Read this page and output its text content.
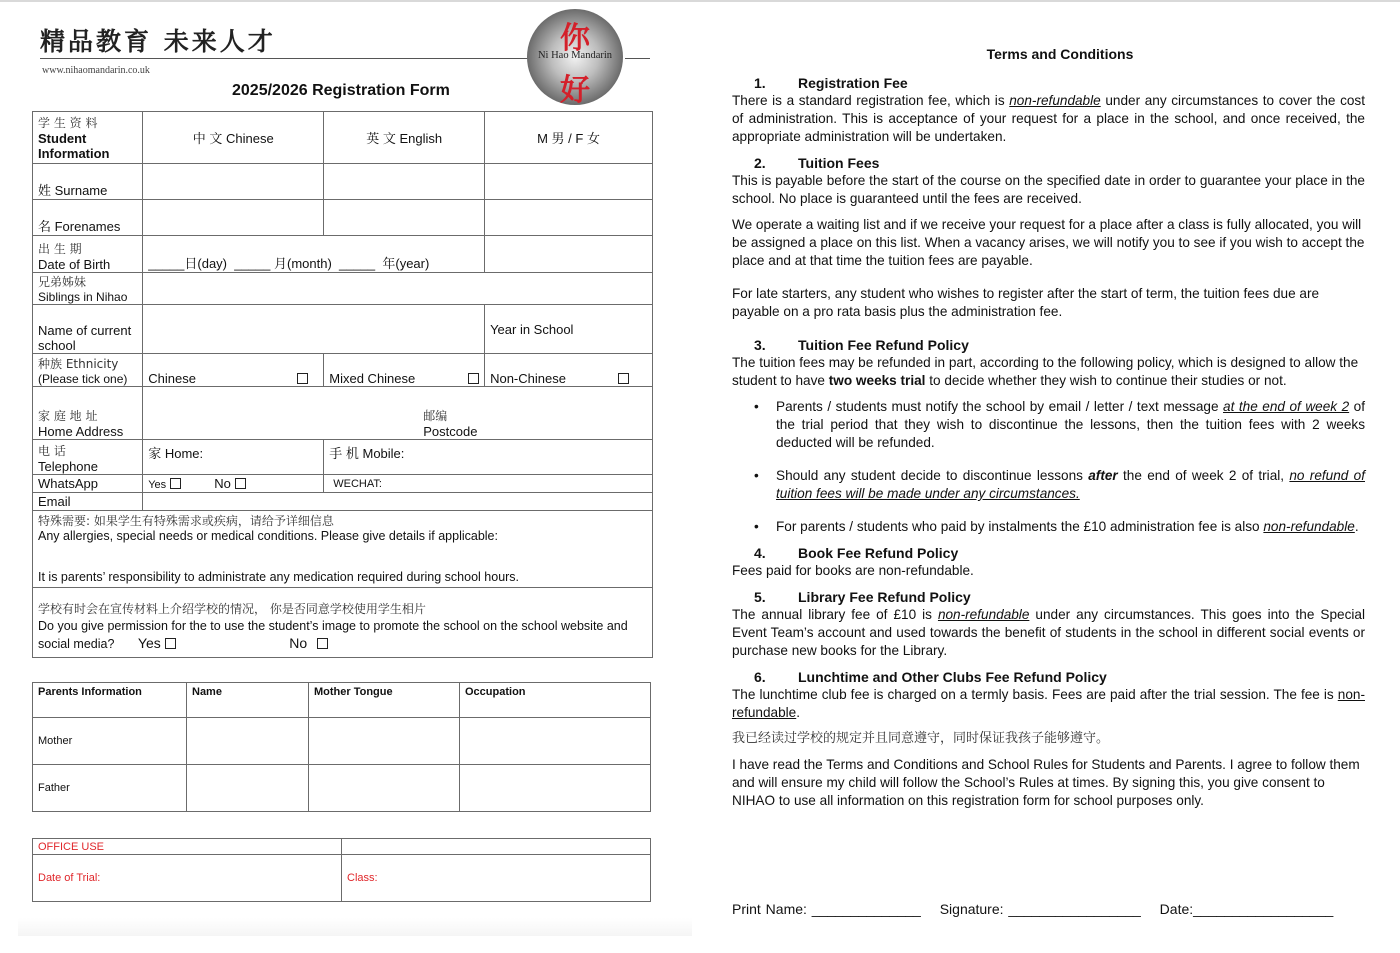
精品教育 未来人才
www.nihaomandarin.co.uk
2025/2026 Registration Form
你
Ni Hao Mandarin
好
学 生 资 料
Student
Information	中 文 Chinese	英 文 English	M 男 / F 女
姓 Surname			
名 Forenames			

出 生 期
Date of Birth	_____日(day)  _____ 月(month)  _____  年(year)		

兄弟姊妹
Siblings in Nihao			

Name of current
school			Year in School

种族 Ethnicity
(Please tick one)	Chinese	Mixed Chinese	Non-Chinese

家 庭 地 址
Home Address

邮编
Postcode

电 话
Telephone	家 Home:	手 机 Mobile:	
WhatsApp	Yes No	WECHAT:	
Email			

特殊需要: 如果学生有特殊需求或疾病，请给予详细信息
Any allergies, special needs or medical conditions. Please give details if applicable:
It is parents’ responsibility to administrate any medication required during school hours.			

学校有时会在宣传材料上介绍学校的情况， 你是否同意学校使用学生相片
Do you give permission for the to use the student’s image to promote the school on the school website and
social media? Yes No			
Parents Information	Name	Mother Tongue	Occupation
Mother			
Father			
OFFICE USE	
Date of Trial:	Class:
Terms and Conditions
1. Registration Fee

There is a standard registration fee, which is non-refundable under any circumstances to cover the cost of administration. This is acceptance of your request for a place in the school, and once received, the appropriate administration will be undertaken.

2. Tuition Fees

This is payable before the start of the course on the specified date in order to guarantee your place in the school. No place is guaranteed until the fees are received.

We operate a waiting list and if we receive your request for a place after a class is fully allocated, you will be assigned a place on this list. When a vacancy arises, we will notify you to see if you wish to accept the place and at that time the tuition fees are payable.

For late starters, any student who wishes to register after the start of term, the tuition fees due are payable on a pro rata basis plus the administration fee.

3. Tuition Fee Refund Policy

The tuition fees may be refunded in part, according to the following policy, which is designed to allow the student to have two weeks trial to decide whether they wish to continue their studies or not.

• Parents / students must notify the school by email / letter / text message at the end of week 2 of the trial period that they wish to discontinue the lessons, then the tuition fees with 2 weeks deducted will be refunded.
• Should any student decide to discontinue lessons after the end of week 2 of trial, no refund of tuition fees will be made under any circumstances.
• For parents / students who paid by instalments the £10 administration fee is also non-refundable.
4. Book Fee Refund Policy

Fees paid for books are non-refundable.

5. Library Fee Refund Policy

The annual library fee of £10 is non-refundable under any circumstances. This goes into the Special Event Team’s account and used towards the benefit of students in the school in different social events or purchase new books for the Library.

6. Lunchtime and Other Clubs Fee Refund Policy

The lunchtime club fee is charged on a termly basis. Fees are paid after the trial session. The fee is non-refundable.

我已经读过学校的规定并且同意遵守，同时保证我孩子能够遵守。

I have read the Terms and Conditions and School Rules for Students and Parents. I agree to follow them and will ensure my child will follow the School’s Rules at times. By signing this, you give consent to NIHAO to use all information on this registration form for school purposes only.

Print Name: ______________ Signature: _________________ Date:__________________
